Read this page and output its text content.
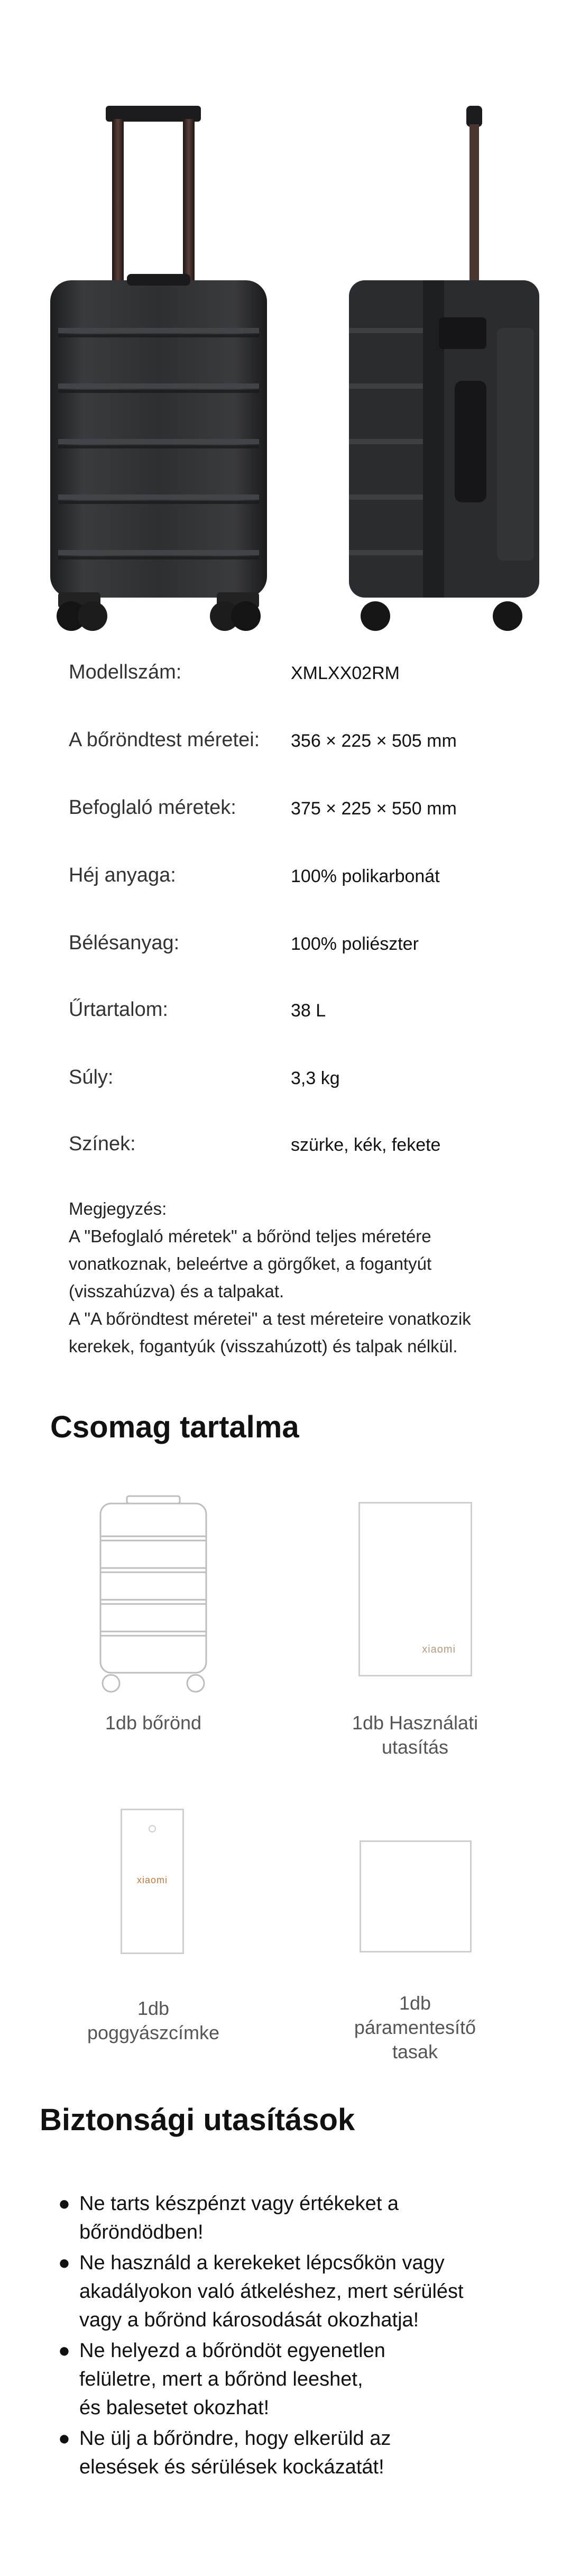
Modellszám:	XMLXX02RM
A bőröndtest méretei: 356 × 225 × 505 mm
Befoglaló méretek:	375 × 225 × 550 mm
Héj anyaga:	100% polikarbonát
Bélésanyag:	100% poliészter
Űrtartalom:	38 L
Súly:	3,3 kg
Színek:	szürke, kék, fekete
Megjegyzés:
A "Befoglaló méretek" a bőrönd teljes méretére
vonatkoznak, beleértve a görgőket, a fogantyút
(visszahúzva) és a talpakat.
A "A bőröndtest méretei" a test méreteire vonatkozik
kerekek, fogantyúk (visszahúzott) és talpak nélkül.
Csomag tartalma
1db bőrönd
xiaomi
1db Használati
utasítás
xiaomi
1db
poggyászcímke
1db
páramentesítő
tasak
Biztonsági utasítások
● Ne tarts készpénzt vagy értékeket a
bőröndödben!
● Ne használd a kerekeket lépcsőkön vagy
akadályokon való átkeléshez, mert sérülést
vagy a bőrönd károsodását okozhatja!
● Ne helyezd a bőröndöt egyenetlen
felületre, mert a bőrönd leeshet,
és balesetet okozhat!
● Ne ülj a bőröndre, hogy elkerüld az
elesések és sérülések kockázatát!
